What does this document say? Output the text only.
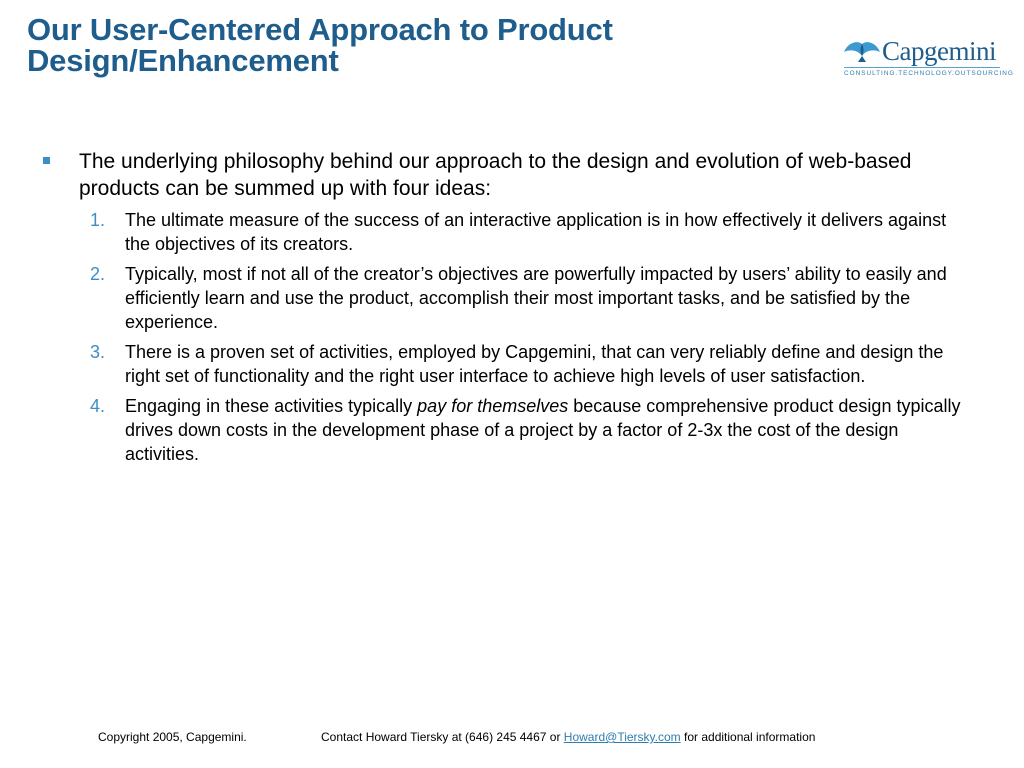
Our User-Centered Approach to Product
Design/Enhancement	Capgemini
CONSULTING.TECHNOLOGY.OUTSOURCING
The underlying philosophy behind our approach to the design and evolution of web-based products can be summed up with four ideas:
1.	The ultimate measure of the success of an interactive application is in how effectively it delivers against the objectives of its creators.
2.	Typically, most if not all of the creator’s objectives are powerfully impacted by users’ ability to easily and efficiently learn and use the product, accomplish their most important tasks, and be satisfied by the experience.
3.	There is a proven set of activities, employed by Capgemini, that can very reliably define and design the right set of functionality and the right user interface to achieve high levels of user satisfaction.
4.	Engaging in these activities typically pay for themselves because comprehensive product design typically drives down costs in the development phase of a project by a factor of 2-3x the cost of the design activities.
Copyright 2005, Capgemini.	Contact Howard Tiersky at (646) 245 4467 or Howard@Tiersky.com for additional information
